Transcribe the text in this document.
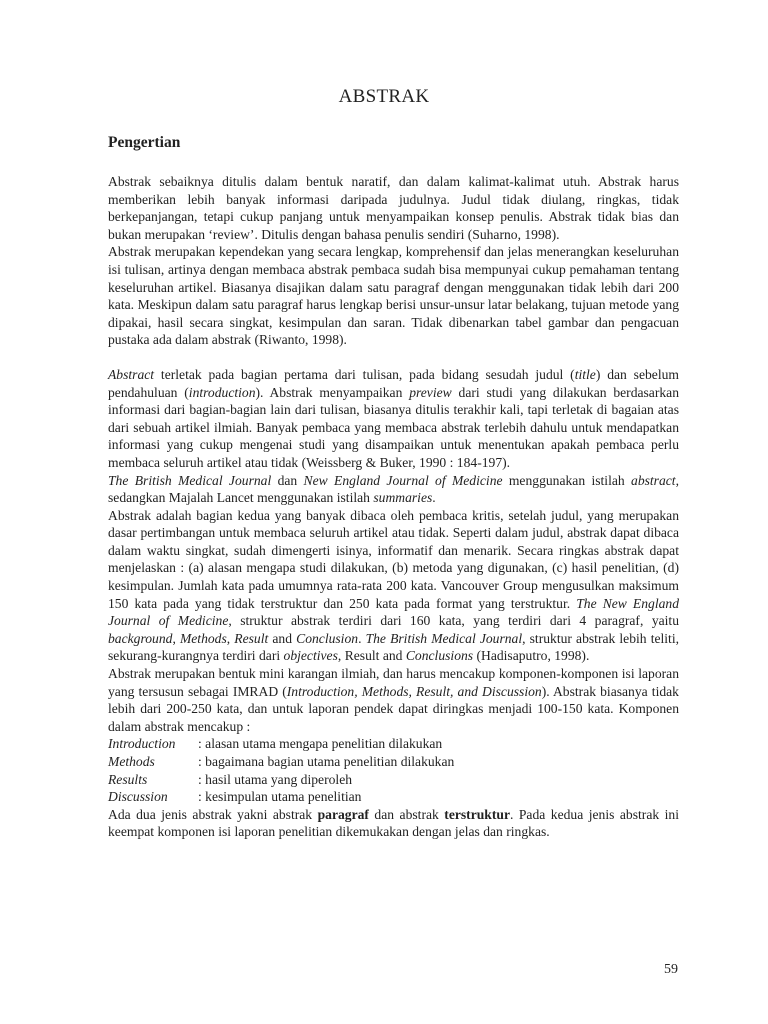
ABSTRAK
Pengertian

Abstrak sebaiknya ditulis dalam bentuk naratif, dan dalam kalimat-kalimat utuh. Abstrak harus memberikan lebih banyak informasi daripada judulnya. Judul tidak diulang, ringkas, tidak berkepanjangan, tetapi cukup panjang untuk menyampaikan konsep penulis. Abstrak tidak bias dan bukan merupakan ‘review’. Ditulis dengan bahasa penulis sendiri (Suharno, 1998).

Abstrak merupakan kependekan yang secara lengkap, komprehensif dan jelas menerangkan keseluruhan isi tulisan, artinya dengan membaca abstrak pembaca sudah bisa mempunyai cukup pemahaman tentang keseluruhan artikel. Biasanya disajikan dalam satu paragraf dengan menggunakan tidak lebih dari 200 kata. Meskipun dalam satu paragraf harus lengkap berisi unsur-unsur latar belakang, tujuan metode yang dipakai, hasil secara singkat, kesimpulan dan saran. Tidak dibenarkan tabel gambar dan pengacuan pustaka ada dalam abstrak (Riwanto, 1998).

Abstract terletak pada bagian pertama dari tulisan, pada bidang sesudah judul (title) dan sebelum pendahuluan (introduction). Abstrak menyampaikan preview dari studi yang dilakukan berdasarkan informasi dari bagian-bagian lain dari tulisan, biasanya ditulis terakhir kali, tapi terletak di bagaian atas dari sebuah artikel ilmiah. Banyak pembaca yang membaca abstrak terlebih dahulu untuk mendapatkan informasi yang cukup mengenai studi yang disampaikan untuk menentukan apakah pembaca perlu membaca seluruh artikel atau tidak (Weissberg & Buker, 1990 : 184-197).

The British Medical Journal dan New England Journal of Medicine menggunakan istilah abstract, sedangkan Majalah Lancet menggunakan istilah summaries.

Abstrak adalah bagian kedua yang banyak dibaca oleh pembaca kritis, setelah judul, yang merupakan dasar pertimbangan untuk membaca seluruh artikel atau tidak. Seperti dalam judul, abstrak dapat dibaca dalam waktu singkat, sudah dimengerti isinya, informatif dan menarik. Secara ringkas abstrak dapat menjelaskan : (a) alasan mengapa studi dilakukan, (b) metoda yang digunakan, (c) hasil penelitian, (d) kesimpulan. Jumlah kata pada umumnya rata-rata 200 kata. Vancouver Group mengusulkan maksimum 150 kata pada yang tidak terstruktur dan 250 kata pada format yang terstruktur. The New England Journal of Medicine, struktur abstrak terdiri dari 160 kata, yang terdiri dari 4 paragraf, yaitu background, Methods, Result and Conclusion. The British Medical Journal, struktur abstrak lebih teliti, sekurang-kurangnya terdiri dari objectives, Result and Conclusions (Hadisaputro, 1998).

Abstrak merupakan bentuk mini karangan ilmiah, dan harus mencakup komponen-komponen isi laporan yang tersusun sebagai IMRAD (Introduction, Methods, Result, and Discussion). Abstrak biasanya tidak lebih dari 200-250 kata, dan untuk laporan pendek dapat diringkas menjadi 100-150 kata. Komponen dalam abstrak mencakup :

Introduction	: alasan utama mengapa penelitian dilakukan
Methods	: bagaimana bagian utama penelitian dilakukan
Results	: hasil utama yang diperoleh
Discussion	: kesimpulan utama penelitian

Ada dua jenis abstrak yakni abstrak paragraf dan abstrak terstruktur. Pada kedua jenis abstrak ini keempat komponen isi laporan penelitian dikemukakan dengan jelas dan ringkas.

59
